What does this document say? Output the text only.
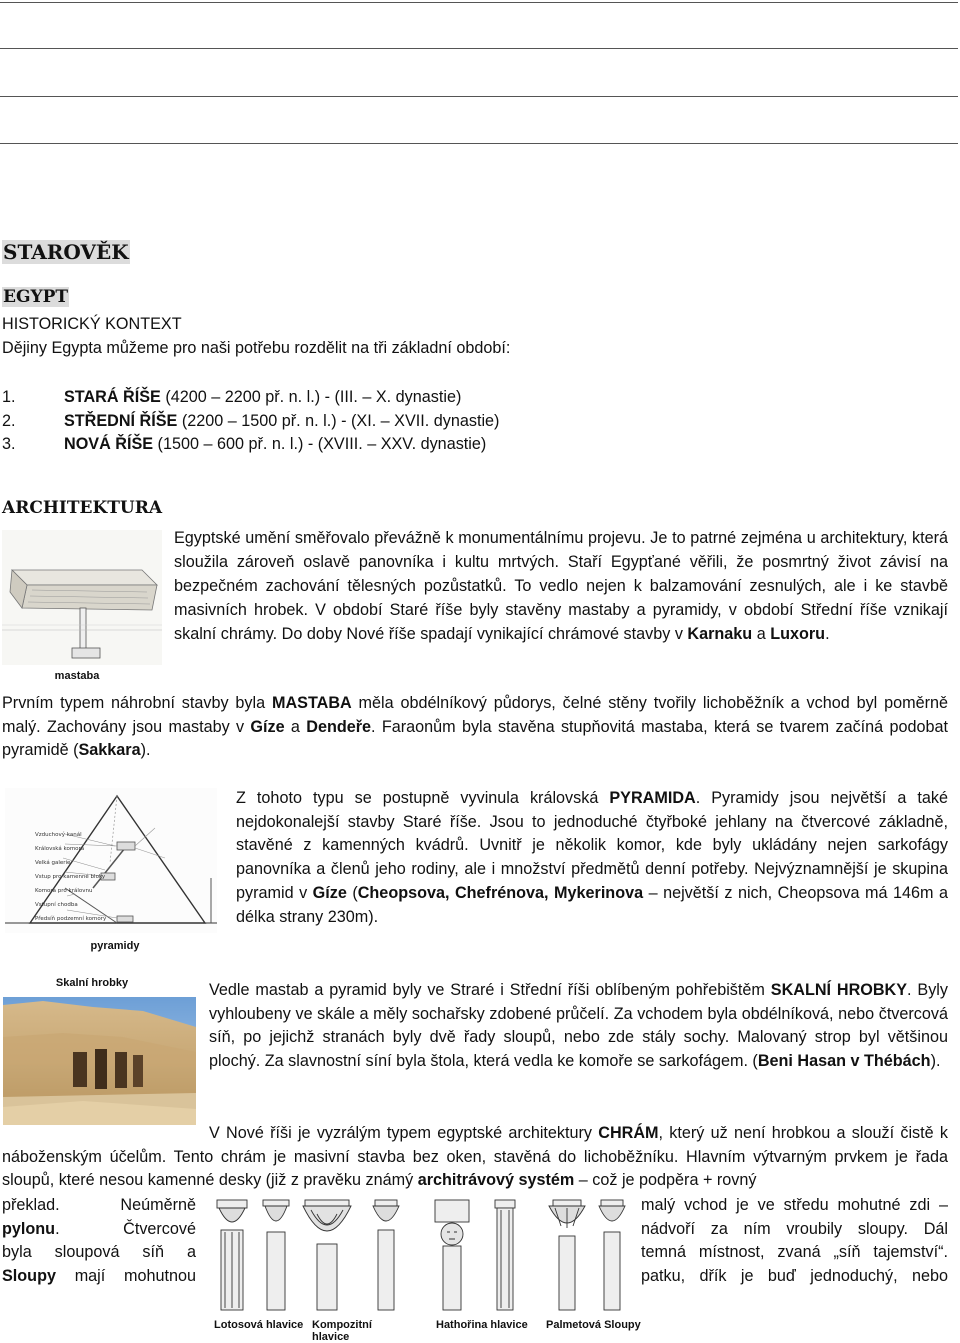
STAROVĚK
EGYPT
HISTORICKÝ KONTEXT
Dějiny Egypta můžeme pro naši potřebu rozdělit na tři základní období:
1.	STARÁ ŘÍŠE (4200 – 2200 př. n. l.) - (III. – X. dynastie)
2.	STŘEDNÍ ŘÍŠE (2200 – 1500 př. n. l.) - (XI. – XVII. dynastie)
3.	NOVÁ ŘÍŠE (1500 – 600 př. n. l.) - (XVIII. – XXV. dynastie)
ARCHITEKTURA
mastaba
Egyptské umění směřovalo převážně k monumentálnímu projevu. Je to patrné zejména u architektury, která sloužila zároveň oslavě panovníka i kultu mrtvých. Staří Egypťané věřili, že posmrtný život závisí na bezpečném zachování tělesných pozůstatků. To vedlo nejen k balzamování zesnulých, ale i ke stavbě masivních hrobek. V období Staré říše byly stavěny mastaby a pyramidy, v období Střední říše vznikají skalní chrámy. Do doby Nové říše spadají vynikající chrámové stavby v Karnaku a Luxoru.
Prvním typem náhrobní stavby byla MASTABA měla obdélníkový půdorys, čelné stěny tvořily lichoběžník a vchod byl poměrně malý. Zachovány jsou mastaby v Gíze a Dendeře. Faraonům byla stavěna stupňovitá mastaba, která se tvarem začíná podobat pyramidě (Sakkara).
Vzduchový kanál
Královská komora
Velká galerie
Vstup pro kamenné bloky
Komora pro královnu
Vstupní chodba
Předsíň podzemní komory
pyramidy
Z tohoto typu se postupně vyvinula královská PYRAMIDA. Pyramidy jsou největší a také nejdokonalejší stavby Staré říše. Jsou to jednoduché čtyřboké jehlany na čtvercové základně, stavěné z kamenných kvádrů. Uvnitř je několik komor, kde byly ukládány nejen sarkofágy panovníka a členů jeho rodiny, ale i množství předmětů denní potřeby. Nejvýznamnější je skupina pyramid v Gíze (Cheopsova, Chefrénova, Mykerinova – největší z nich, Cheopsova má 146m a délka strany 230m).
Skalní hrobky	Vedle mastab a pyramid byly ve Straré i Střední říši oblíbeným pohřebištěm SKALNÍ HROBKY. Byly vyhloubeny ve skále a měly sochařsky zdobené průčelí. Za vchodem byla obdélníková, nebo čtvercová síň, po jejichž stranách byly dvě řady sloupů, nebo zde stály sochy. Malovaný strop byl většinou plochý. Za slavnostní síní byla štola, která vedla ke komoře se sarkofágem. (Beni Hasan v Thébách).
V Nové říši je vyzrálým typem egyptské architektury CHRÁM, který už není hrobkou a slouží čistě k náboženským účelům. Tento chrám je masivní stavba bez oken, stavěná do lichoběžníku. Hlavním výtvarným prvkem je řada sloupů, které nesou kamenné desky (již z pravěku známý architrávový systém – což je podpěra + rovný
překlad.	Neúměrně
pylonu.	Čtvercové
byla sloupová síň a
Sloupy mají mohutnou
malý vchod je ve středu mohutné zdi –
nádvoří za ním vroubily sloupy. Dál
temná místnost, zvaná „síň tajemství“.
patku, dřík je buď jednoduchý, nebo
Lotosová hlavice Kompozitní hlavice
Hathořina hlavice Palmetová Sloupy
